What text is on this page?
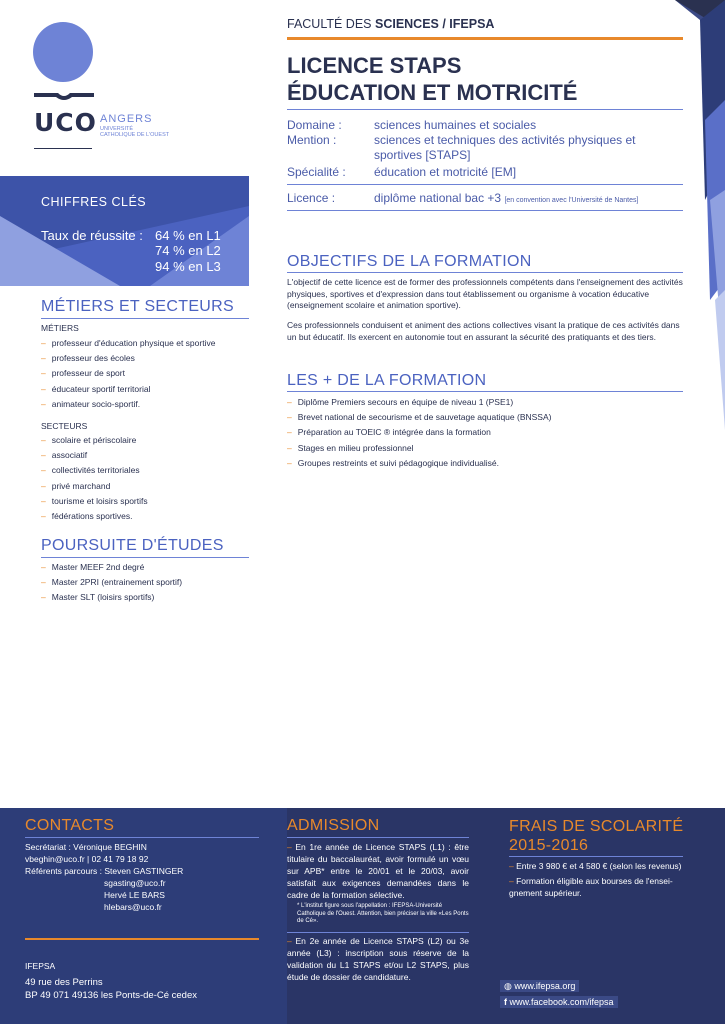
UCO ANGERS
UNIVERSITÉ
CATHOLIQUE DE L'OUEST
FACULTÉ DES SCIENCES / IFEPSA
LICENCE STAPS
ÉDUCATION ET MOTRICITÉ
Domaine :	sciences humaines et sociales
Mention :	sciences et techniques des activités physiques et sportives [STAPS]
Spécialité :	éducation et motricité [EM]
Licence :	diplôme national bac +3 [en convention avec l'Université de Nantes]
CHIFFRES CLÉS
Taux de réussite : 64 % en L1
74 % en L2
94 % en L3
MÉTIERS ET SECTEURS
MÉTIERS
– professeur d'éducation physique et sportive
– professeur des écoles
– professeur de sport
– éducateur sportif territorial
– animateur socio-sportif.
SECTEURS
– scolaire et périscolaire
– associatif
– collectivités territoriales
– privé marchand
– tourisme et loisirs sportifs
– fédérations sportives.
POURSUITE D'ÉTUDES
– Master MEEF 2nd degré
– Master 2PRI (entrainement sportif)
– Master SLT (loisirs sportifs)
OBJECTIFS DE LA FORMATION
L'objectif de cette licence est de former des professionnels compétents dans l'enseignement des activités physiques, sportives et d'expression dans tout établissement ou organisme à vocation éducative (enseignement scolaire et animation sportive).
Ces professionnels conduisent et animent des actions collectives visant la pratique de ces activités dans un but éducatif. Ils exercent en autonomie tout en assurant la sécurité des pratiquants et des tiers.
LES + DE LA FORMATION
– Diplôme Premiers secours en équipe de niveau 1 (PSE1)
– Brevet national de secourisme et de sauvetage aquatique (BNSSA)
– Préparation au TOEIC ® intégrée dans la formation
– Stages en milieu professionnel
– Groupes restreints et suivi pédagogique individualisé.
CONTACTS
Secrétariat : Véronique BEGHIN
vbeghin@uco.fr | 02 41 79 18 92
Référents parcours : Steven GASTINGER
sgasting@uco.fr
Hervé LE BARS
hlebars@uco.fr
IFEPSA
49 rue des Perrins
BP 49 071 49136 les Ponts-de-Cé cedex
ADMISSION
– En 1re année de Licence STAPS (L1) : être titulaire du baccalauréat, avoir formulé un vœu sur APB* entre le 20/01 et le 20/03, avoir satisfait aux exigences demandées dans le cadre de la formation sélective.
* L'institut figure sous l'appellation : IFEPSA-Université Catholique de l'Ouest. Attention, bien préciser la ville «Les Ponts de Cé».
– En 2e année de Licence STAPS (L2) ou 3e année (L3) : inscription sous réserve de la validation du L1 STAPS et/ou L2 STAPS, plus étude de dossier de candidature.
FRAIS DE SCOLARITÉ
2015-2016
– Entre 3 980 € et 4 580 € (selon les revenus)
– Formation éligible aux bourses de l'ensei-gnement supérieur.
◍ www.ifepsa.org
f www.facebook.com/ifepsa
